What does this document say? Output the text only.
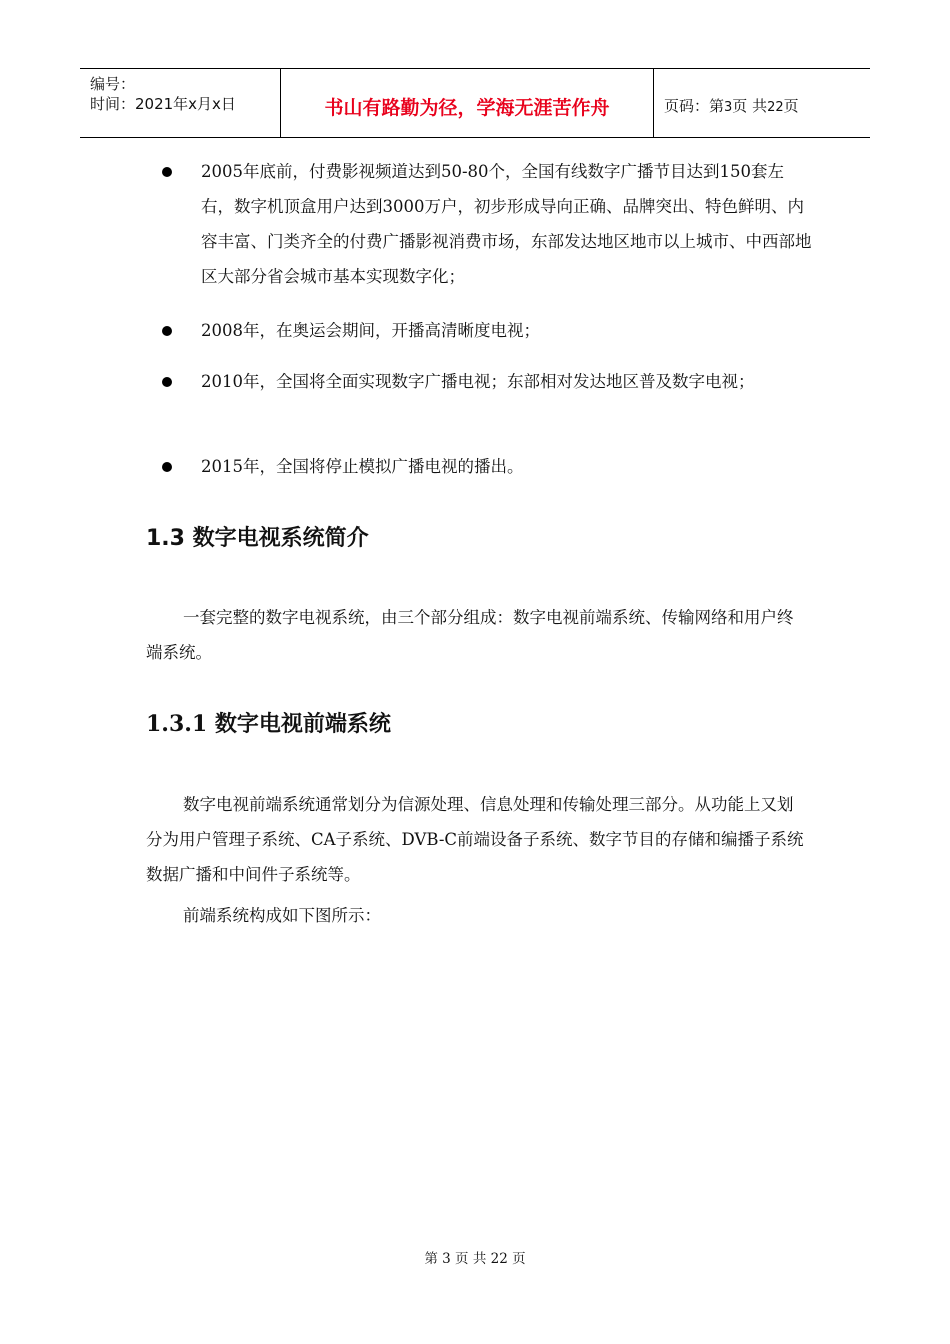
编号：
时间：2021年x月x日	书山有路勤为径，学海无涯苦作舟	页码：第3页 共22页
2005年底前，付费影视频道达到50-80个，全国有线数字广播节目达到150套左右，数字机顶盒用户达到3000万户，初步形成导向正确、品牌突出、特色鲜明、内容丰富、门类齐全的付费广播影视消费市场，东部发达地区地市以上城市、中西部地区大部分省会城市基本实现数字化；
2008年，在奥运会期间，开播高清晰度电视；
2010年，全国将全面实现数字广播电视；东部相对发达地区普及数字电视；
2015年，全国将停止模拟广播电视的播出。
1.3 数字电视系统简介
一套完整的数字电视系统，由三个部分组成：数字电视前端系统、传输网络和用户终端系统。
1.3.1 数字电视前端系统
数字电视前端系统通常划分为信源处理、信息处理和传输处理三部分。从功能上又划分为用户管理子系统、CA子系统、DVB-C前端设备子系统、数字节目的存储和编播子系统数据广播和中间件子系统等。
前端系统构成如下图所示：
第 3 页 共 22 页
